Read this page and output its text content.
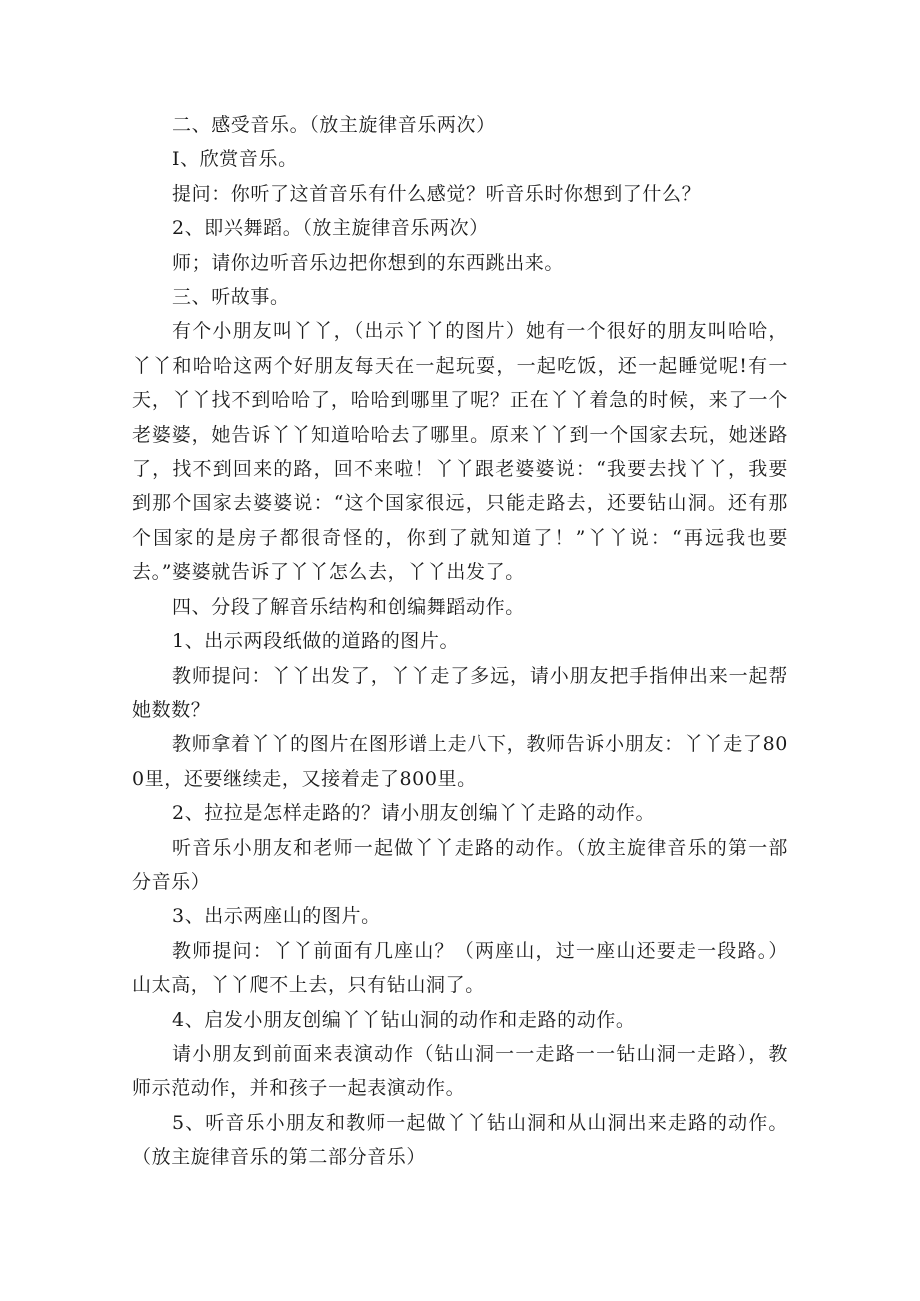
二、感受音乐。（放主旋律音乐两次）

I、欣赏音乐。

提问：你听了这首音乐有什么感觉？听音乐时你想到了什么？

2、即兴舞蹈。（放主旋律音乐两次）

师；请你边听音乐边把你想到的东西跳出来。

三、听故事。

有个小朋友叫丫丫，（出示丫丫的图片）她有一个很好的朋友叫哈哈，丫丫和哈哈这两个好朋友每天在一起玩耍，一起吃饭，还一起睡觉呢!有一天，丫丫找不到哈哈了，哈哈到哪里了呢？正在丫丫着急的时候，来了一个老婆婆，她告诉丫丫知道哈哈去了哪里。原来丫丫到一个国家去玩，她迷路了，找不到回来的路，回不来啦！丫丫跟老婆婆说：“我要去找丫丫，我要到那个国家去婆婆说：“这个国家很远，只能走路去，还要钻山洞。还有那个国家的是房子都很奇怪的，你到了就知道了！”丫丫说：“再远我也要去。”婆婆就告诉了丫丫怎么去，丫丫出发了。

四、分段了解音乐结构和创编舞蹈动作。

1、出示两段纸做的道路的图片。

教师提问：丫丫出发了，丫丫走了多远，请小朋友把手指伸出来一起帮她数数？

教师拿着丫丫的图片在图形谱上走八下，教师告诉小朋友：丫丫走了800里，还要继续走，又接着走了800里。

2、拉拉是怎样走路的？请小朋友创编丫丫走路的动作。

听音乐小朋友和老师一起做丫丫走路的动作。（放主旋律音乐的第一部分音乐）

3、出示两座山的图片。

教师提问：丫丫前面有几座山？（两座山，过一座山还要走一段路。）山太高，丫丫爬不上去，只有钻山洞了。

4、启发小朋友创编丫丫钻山洞的动作和走路的动作。

请小朋友到前面来表演动作（钻山洞一一走路一一钻山洞一走路），教师示范动作，并和孩子一起表演动作。

5、听音乐小朋友和教师一起做丫丫钻山洞和从山洞出来走路的动作。（放主旋律音乐的第二部分音乐）
